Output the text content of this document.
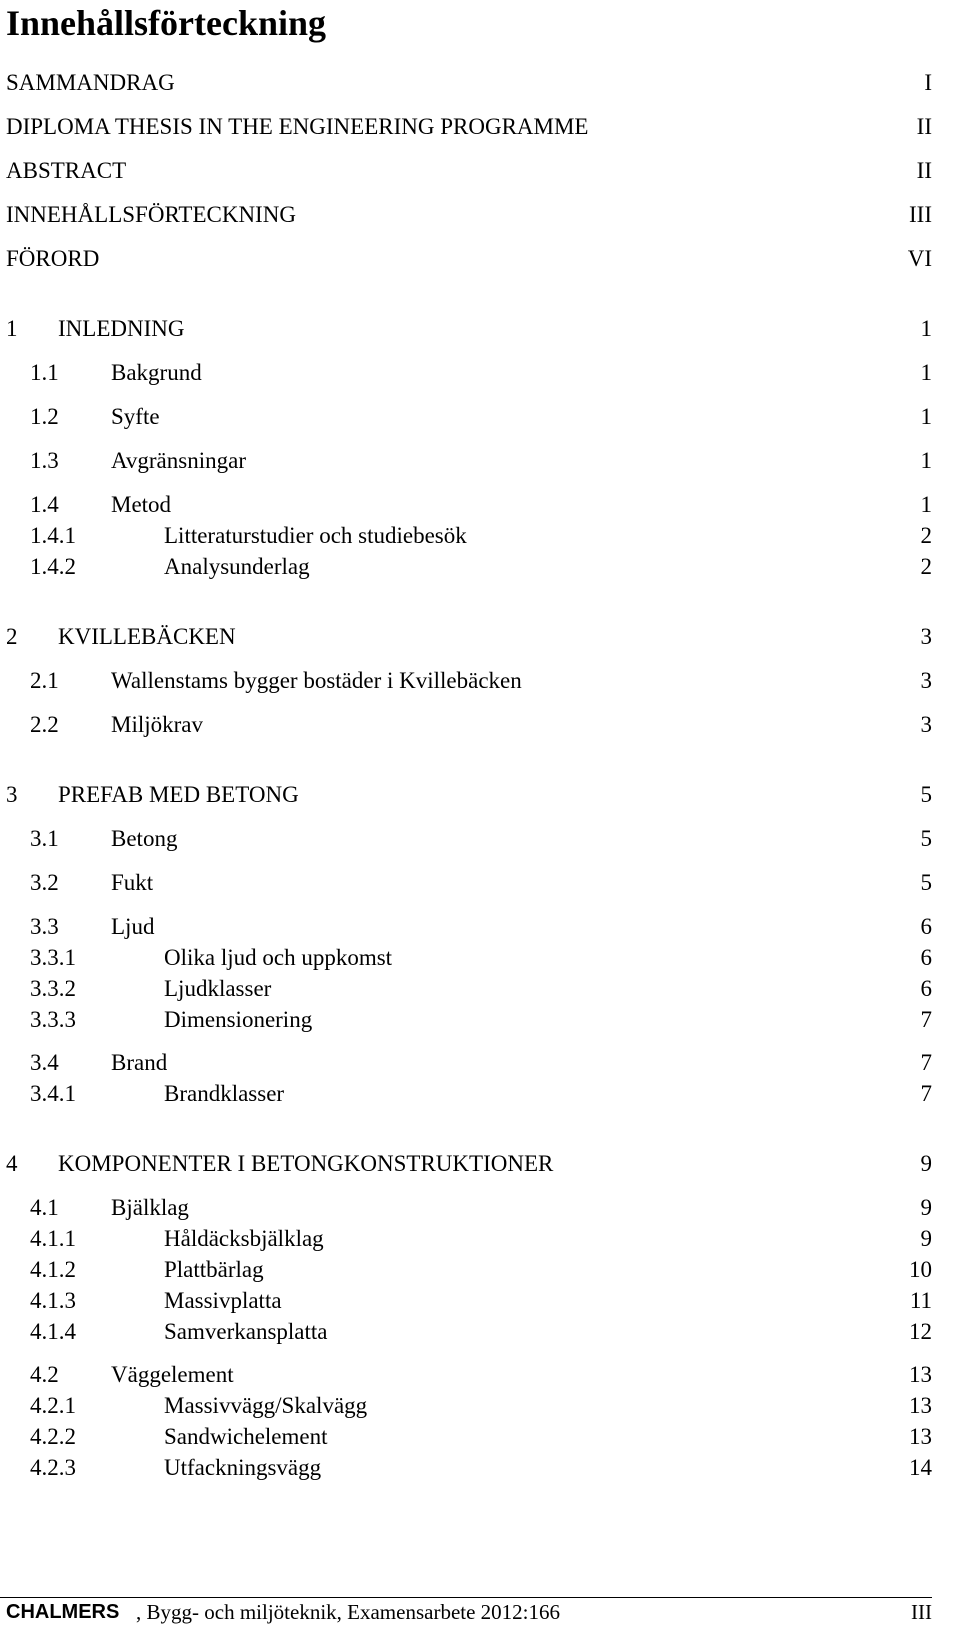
Innehållsförteckning
SAMMANDRAG	I
DIPLOMA THESIS IN THE ENGINEERING PROGRAMME	II
ABSTRACT	II
INNEHÅLLSFÖRTECKNING	III
FÖRORD	VI
1 INLEDNING	1
1.1 Bakgrund	1
1.2 Syfte	1
1.3 Avgränsningar	1
1.4 Metod	1
1.4.1	Litteraturstudier och studiebesök	2
1.4.2	Analysunderlag	2
2 KVILLEBÄCKEN	3
2.1 Wallenstams bygger bostäder i Kvillebäcken	3
2.2 Miljökrav	3
3 PREFAB MED BETONG	5
3.1 Betong	5
3.2 Fukt	5
3.3 Ljud	6
3.3.1	Olika ljud och uppkomst	6
3.3.2	Ljudklasser	6
3.3.3	Dimensionering	7
3.4 Brand	7
3.4.1	Brandklasser	7
4 KOMPONENTER I BETONGKONSTRUKTIONER	9
4.1 Bjälklag	9
4.1.1	Håldäcksbjälklag	9
4.1.2	Plattbärlag	10
4.1.3	Massivplatta	11
4.1.4	Samverkansplatta	12
4.2 Väggelement	13
4.2.1	Massivvägg/Skalvägg	13
4.2.2	Sandwichelement	13
4.2.3	Utfackningsvägg	14
CHALMERS , Bygg- och miljöteknik, Examensarbete 2012:166	III
